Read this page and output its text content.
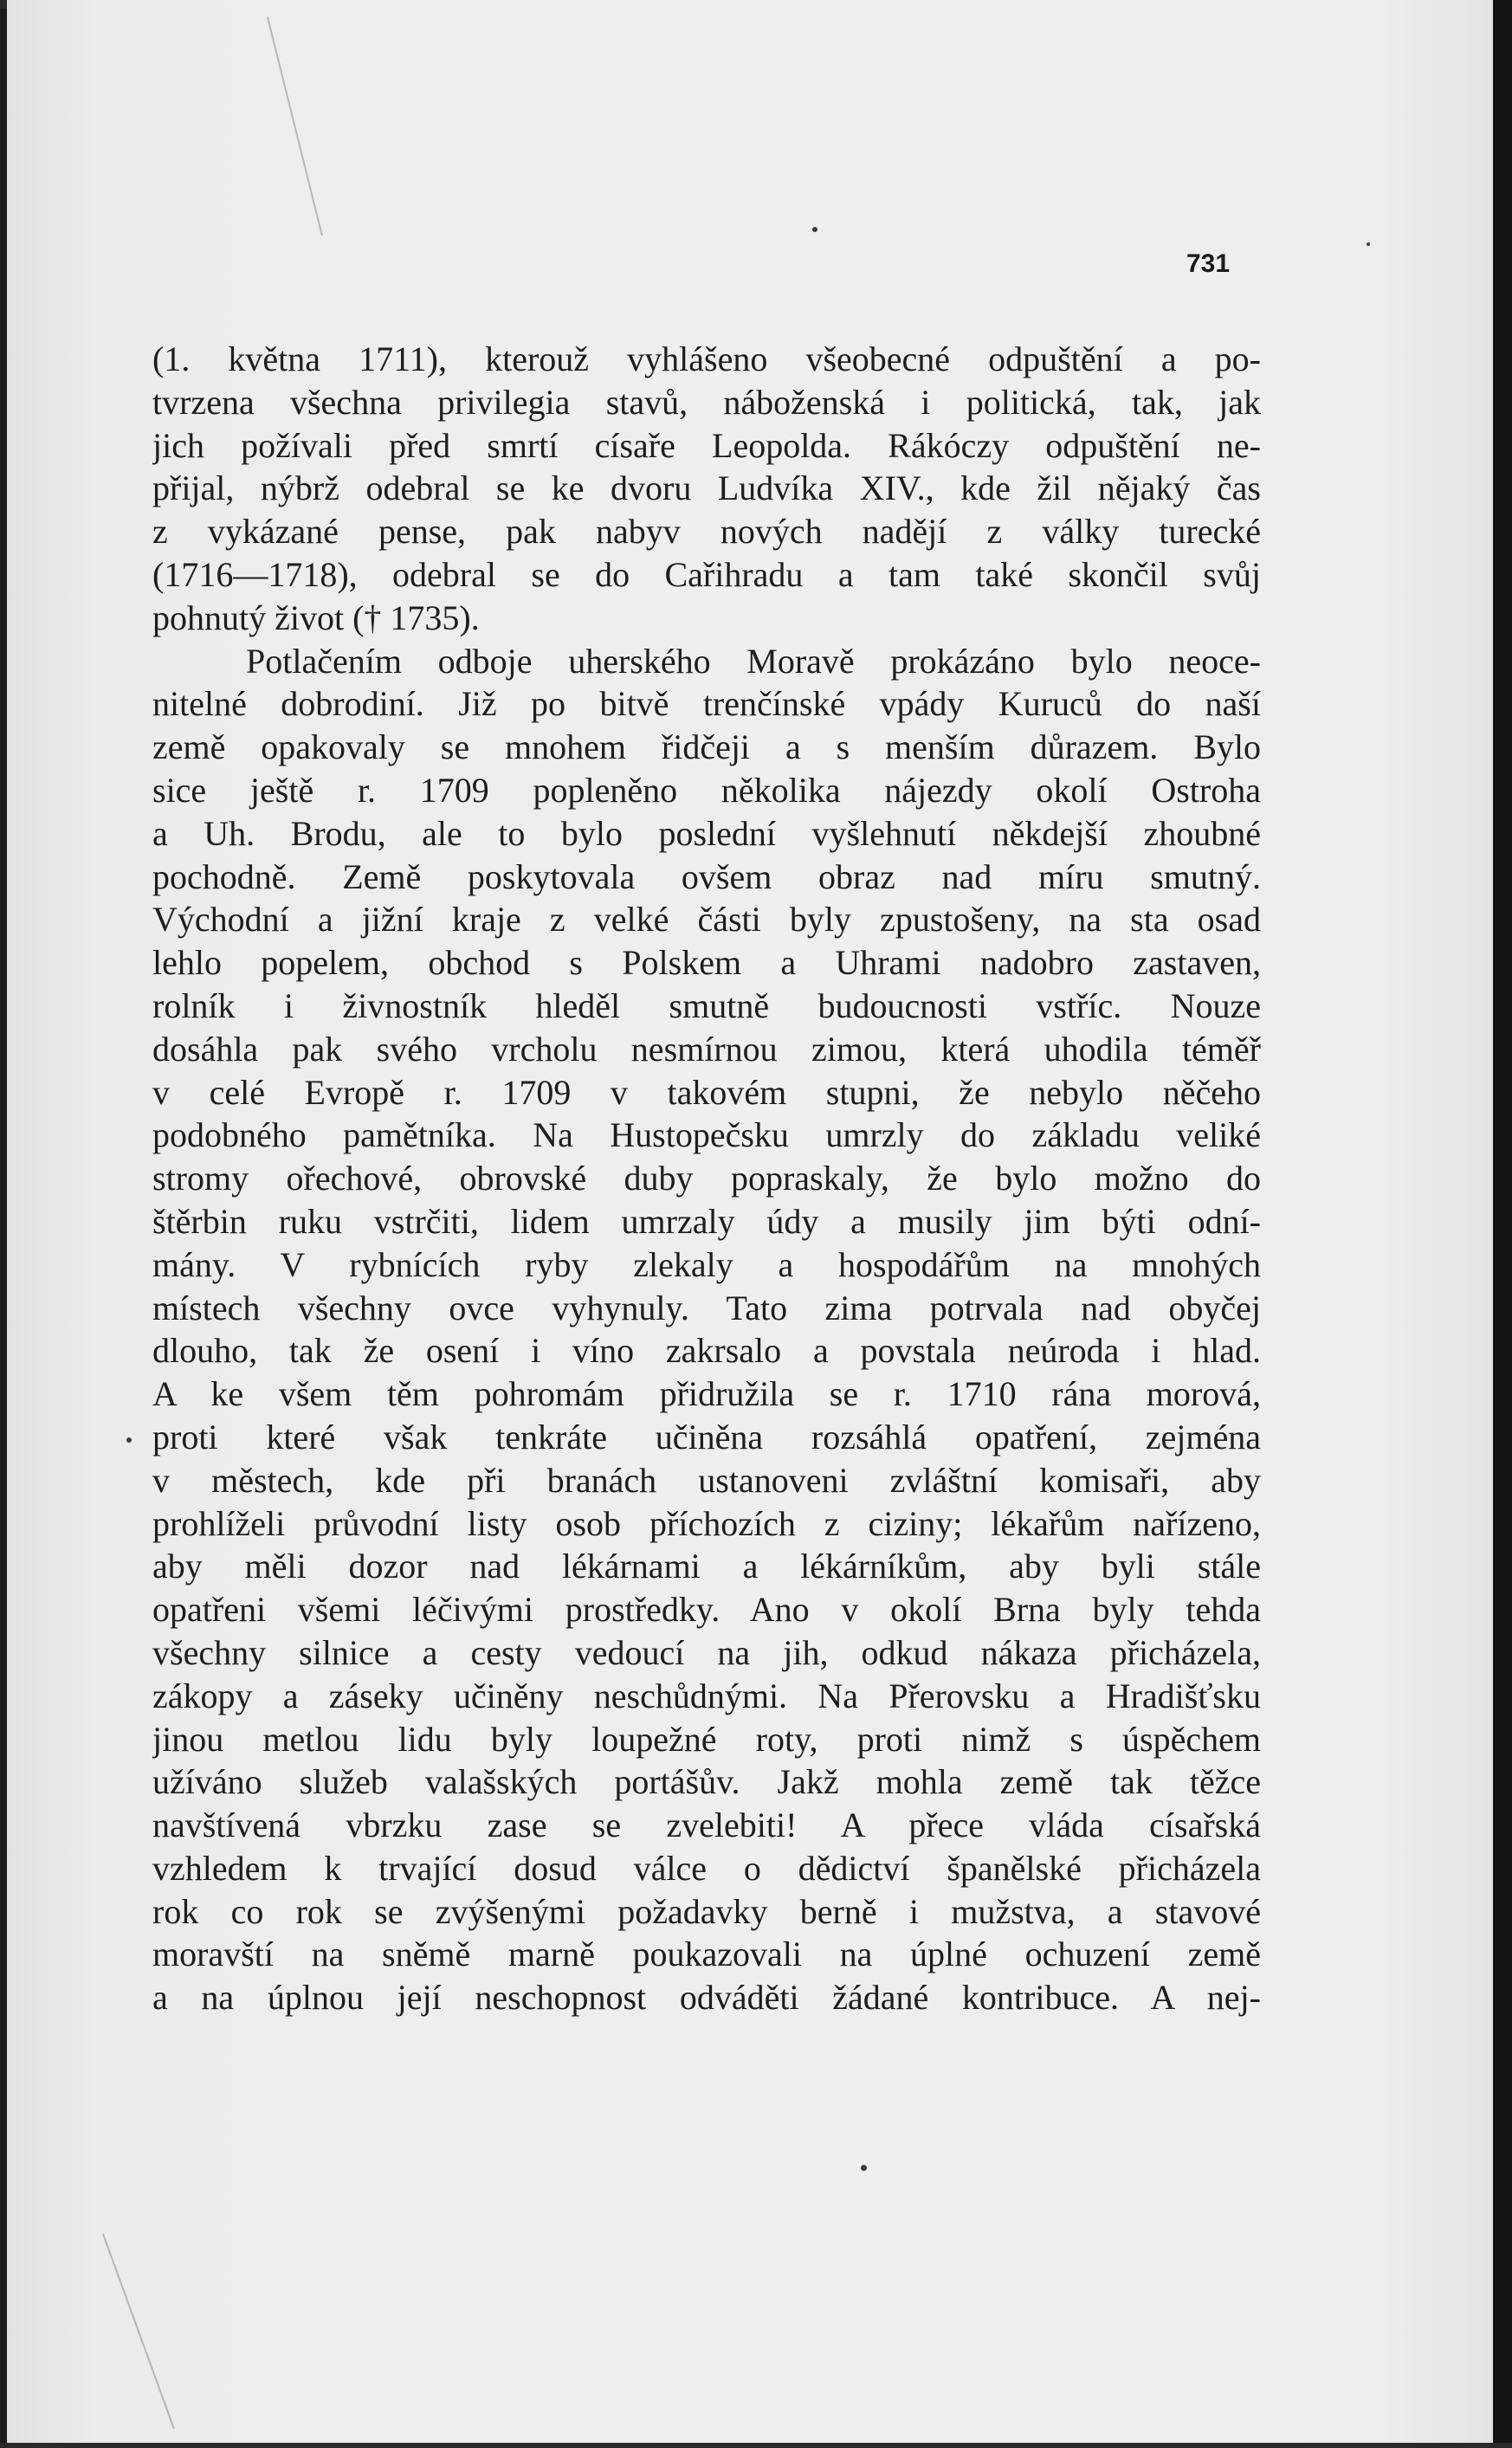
731
(1. května 1711), kterouž vyhlášeno všeobecné odpuštění a po-
tvrzena všechna privilegia stavů, náboženská i politická, tak, jak
jich požívali před smrtí císaře Leopolda. Rákóczy odpuštění ne-
přijal, nýbrž odebral se ke dvoru Ludvíka XIV., kde žil nějaký čas
z vykázané pense, pak nabyv nových nadějí z války turecké
(1716—1718), odebral se do Cařihradu a tam také skončil svůj
pohnutý život († 1735).
Potlačením odboje uherského Moravě prokázáno bylo neoce-
nitelné dobrodiní. Již po bitvě trenčínské vpády Kuruců do naší
země opakovaly se mnohem řidčeji a s menším důrazem. Bylo
sice ještě r. 1709 popleněno několika nájezdy okolí Ostroha
a Uh. Brodu, ale to bylo poslední vyšlehnutí někdejší zhoubné
pochodně. Země poskytovala ovšem obraz nad míru smutný.
Východní a jižní kraje z velké části byly zpustošeny, na sta osad
lehlo popelem, obchod s Polskem a Uhrami nadobro zastaven,
rolník i živnostník hleděl smutně budoucnosti vstříc. Nouze
dosáhla pak svého vrcholu nesmírnou zimou, která uhodila téměř
v celé Evropě r. 1709 v takovém stupni, že nebylo něčeho
podobného pamětníka. Na Hustopečsku umrzly do základu veliké
stromy ořechové, obrovské duby popraskaly, že bylo možno do
štěrbin ruku vstrčiti, lidem umrzaly údy a musily jim býti odní-
mány. V rybnících ryby zlekaly a hospodářům na mnohých
místech všechny ovce vyhynuly. Tato zima potrvala nad obyčej
dlouho, tak že osení i víno zakrsalo a povstala neúroda i hlad.
A ke všem těm pohromám přidružila se r. 1710 rána morová,
proti které však tenkráte učiněna rozsáhlá opatření, zejména
v městech, kde při branách ustanoveni zvláštní komisaři, aby
prohlíželi průvodní listy osob příchozích z ciziny; lékařům nařízeno,
aby měli dozor nad lékárnami a lékárníkům, aby byli stále
opatřeni všemi léčivými prostředky. Ano v okolí Brna byly tehda
všechny silnice a cesty vedoucí na jih, odkud nákaza přicházela,
zákopy a záseky učiněny neschůdnými. Na Přerovsku a Hradišťsku
jinou metlou lidu byly loupežné roty, proti nimž s úspěchem
užíváno služeb valašských portášův. Jakž mohla země tak těžce
navštívená vbrzku zase se zvelebiti! A přece vláda císařská
vzhledem k trvající dosud válce o dědictví španělské přicházela
rok co rok se zvýšenými požadavky berně i mužstva, a stavové
moravští na sněmě marně poukazovali na úplné ochuzení země
a na úplnou její neschopnost odváděti žádané kontribuce. A nej-
